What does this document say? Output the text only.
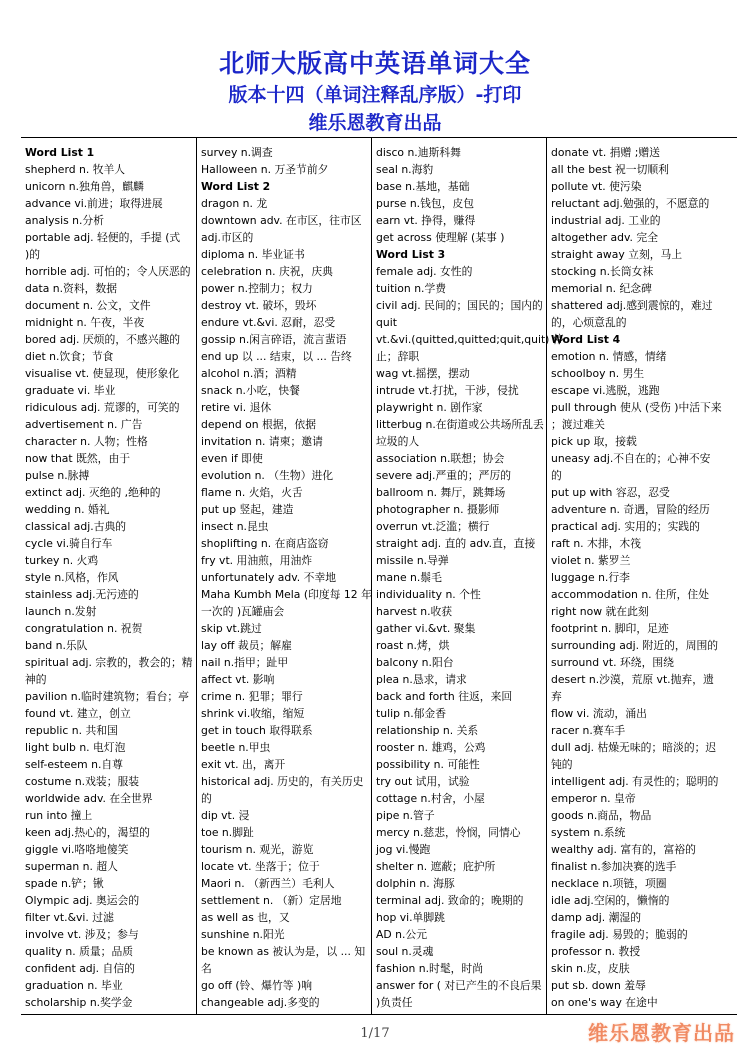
北师大版高中英语单词大全
版本十四（单词注释乱序版）-打印
维乐恩教育出品
Word List 1
shepherd n. 牧羊人
unicorn n.独角兽，麒麟
advance vi.前进；取得进展
analysis n.分析
portable adj. 轻便的，手提 (式
)的
horrible adj. 可怕的；令人厌恶的
data n.资料，数据
document n. 公文，文件
midnight n. 午夜，半夜
bored adj. 厌烦的，不感兴趣的
diet n.饮食；节食
visualise vt. 使显现，使形象化
graduate vi. 毕业
ridiculous adj. 荒谬的，可笑的
advertisement n. 广告
character n. 人物；性格
now that 既然，由于
pulse n.脉搏
extinct adj. 灭绝的 ,绝种的
wedding n. 婚礼
classical adj.古典的
cycle vi.骑自行车
turkey n. 火鸡
style n.风格，作风
stainless adj.无污迹的
launch n.发射
congratulation n. 祝贺
band n.乐队
spiritual adj. 宗教的，教会的；精
神的
pavilion n.临时建筑物；看台；亭
found vt. 建立，创立
republic n. 共和国
light bulb n. 电灯泡
self-esteem n.自尊
costume n.戏装；服装
worldwide adv. 在全世界
run into 撞上
keen adj.热心的，渴望的
giggle vi.咯咯地傻笑
superman n. 超人
spade n.铲；锹
Olympic adj. 奥运会的
filter vt.&vi. 过滤
involve vt. 涉及；参与
quality n. 质量；品质
confident adj. 自信的
graduation n. 毕业
scholarship n.奖学金
survey n.调查
Halloween n. 万圣节前夕
Word List 2
dragon n. 龙
downtown adv. 在市区，往市区
adj.市区的
diploma n. 毕业证书
celebration n. 庆祝，庆典
power n.控制力；权力
destroy vt. 破坏，毁坏
endure vt.&vi. 忍耐，忍受
gossip n.闲言碎语，流言蜚语
end up 以 ... 结束，以 ... 告终
alcohol n.酒；酒精
snack n.小吃，快餐
retire vi. 退休
depend on 根据，依据
invitation n. 请柬；邀请
even if 即使
evolution n. （生物）进化
flame n. 火焰，火舌
put up 竖起，建造
insect n.昆虫
shoplifting n. 在商店盗窃
fry vt. 用油煎，用油炸
unfortunately adv. 不幸地
Maha Kumbh Mela (印度每 12 年
一次的 )瓦罐庙会
skip vt.跳过
lay off 裁员；解雇
nail n.指甲；趾甲
affect vt. 影响
crime n. 犯罪；罪行
shrink vi.收缩，缩短
get in touch 取得联系
beetle n.甲虫
exit vt. 出，离开
historical adj. 历史的，有关历史
的
dip vt. 浸
toe n.脚趾
tourism n. 观光，游览
locate vt. 坐落于；位于
Maori n. （新西兰）毛利人
settlement n. （新）定居地
as well as 也，又
sunshine n.阳光
be known as 被认为是，以 ... 知
名
go off (铃、爆竹等 )响
changeable adj.多变的
disco n.迪斯科舞
seal n.海豹
base n.基地，基础
purse n.钱包，皮包
earn vt. 挣得，赚得
get across 使理解 (某事 )
Word List 3
female adj. 女性的
tuition n.学费
civil adj. 民间的；国民的；国内的
quit
vt.&vi.(quitted,quitted;quit,quit) 停
止；辞职
wag vt.摇摆，摆动
intrude vt.打扰，干涉，侵扰
playwright n. 剧作家
litterbug n.在街道或公共场所乱丢
垃圾的人
association n.联想；协会
severe adj.严重的；严厉的
ballroom n. 舞厅，跳舞场
photographer n. 摄影师
overrun vt.泛滥；横行
straight adj. 直的 adv.直，直接
missile n.导弹
mane n.鬃毛
individuality n. 个性
harvest n.收获
gather vi.&vt. 聚集
roast n.烤，烘
balcony n.阳台
plea n.恳求，请求
back and forth 往返，来回
tulip n.郁金香
relationship n. 关系
rooster n. 雄鸡，公鸡
possibility n. 可能性
try out 试用，试验
cottage n.村舍，小屋
pipe n.管子
mercy n.慈悲，怜悯，同情心
jog vi.慢跑
shelter n. 遮蔽；庇护所
dolphin n. 海豚
terminal adj. 致命的；晚期的
hop vi.单脚跳
AD n.公元
soul n.灵魂
fashion n.时髦，时尚
answer for ( 对已产生的不良后果
)负责任
donate vt. 捐赠 ;赠送
all the best 祝一切顺利
pollute vt. 使污染
reluctant adj.勉强的，不愿意的
industrial adj. 工业的
altogether adv. 完全
straight away 立刻，马上
stocking n.长筒女袜
memorial n. 纪念碑
shattered adj.感到震惊的，难过
的，心烦意乱的
Word List 4
emotion n. 情感，情绪
schoolboy n. 男生
escape vi.逃脱，逃跑
pull through 使从 (受伤 )中活下来
；渡过难关
pick up 取，接载
uneasy adj.不自在的；心神不安
的
put up with 容忍，忍受
adventure n. 奇遇，冒险的经历
practical adj. 实用的；实践的
raft n. 木排，木筏
violet n. 紫罗兰
luggage n.行李
accommodation n. 住所，住处
right now 就在此刻
footprint n. 脚印，足迹
surrounding adj. 附近的，周围的
surround vt. 环绕，围绕
desert n.沙漠，荒原 vt.抛弃，遗
弃
flow vi. 流动，涌出
racer n.赛车手
dull adj. 枯燥无味的；暗淡的；迟
钝的
intelligent adj. 有灵性的；聪明的
emperor n. 皇帝
goods n.商品，物品
system n.系统
wealthy adj. 富有的，富裕的
finalist n.参加决赛的选手
necklace n.项链，项圈
idle adj.空闲的，懒惰的
damp adj. 潮湿的
fragile adj. 易毁的；脆弱的
professor n. 教授
skin n.皮，皮肤
put sb. down 羞辱
on one's way 在途中
1/17	维乐恩教育出品
